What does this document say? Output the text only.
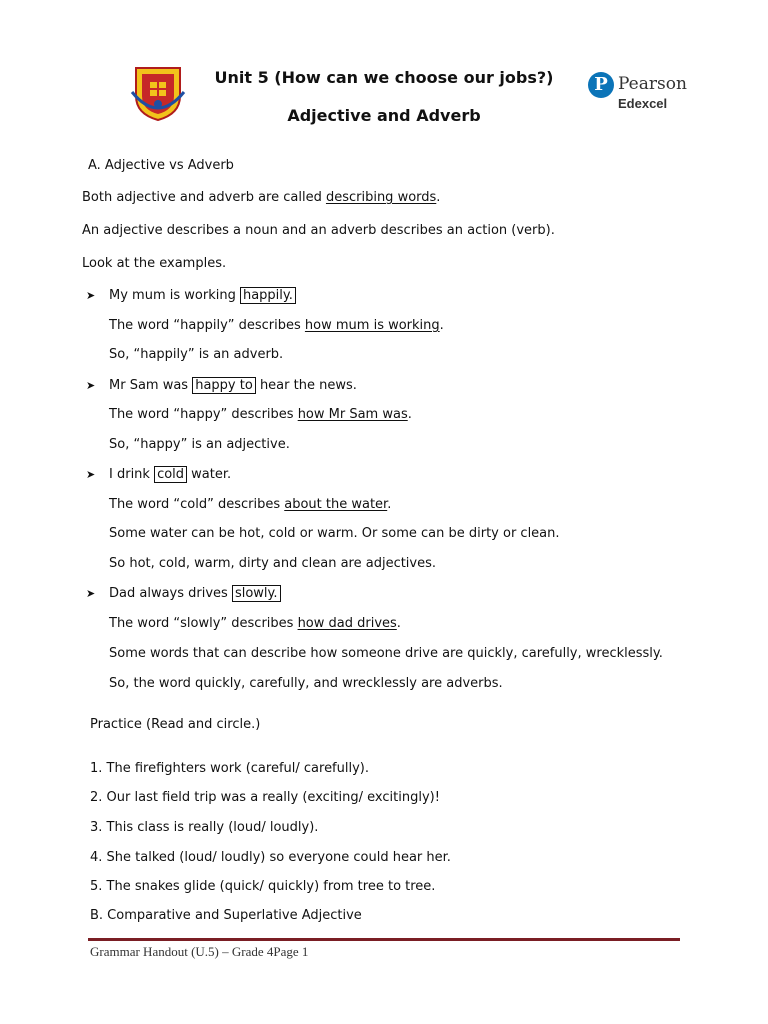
Unit 5 (How can we choose our jobs?)
Adjective and Adverb
P Pearson
Edexcel
A. Adjective vs Adverb
Both adjective and adverb are called describing words.
An adjective describes a noun and an adverb describes an action (verb).
Look at the examples.
➤ My mum is working happily.
The word “happily” describes how mum is working.
So, “happily” is an adverb.
➤ Mr Sam was happy to hear the news.
The word “happy” describes how Mr Sam was.
So, “happy” is an adjective.
➤ I drink cold water.
The word “cold” describes about the water.
Some water can be hot, cold or warm. Or some can be dirty or clean.
So hot, cold, warm, dirty and clean are adjectives.
➤ Dad always drives slowly.
The word “slowly” describes how dad drives.
Some words that can describe how someone drive are quickly, carefully, wrecklessly.
So, the word quickly, carefully, and wrecklessly are adverbs.
Practice (Read and circle.)
1. The firefighters work (careful/ carefully).
2. Our last field trip was a really (exciting/ excitingly)!
3. This class is really (loud/ loudly).
4. She talked (loud/ loudly) so everyone could hear her.
5. The snakes glide (quick/ quickly) from tree to tree.
B. Comparative and Superlative Adjective
Grammar Handout (U.5) – Grade 4Page 1
